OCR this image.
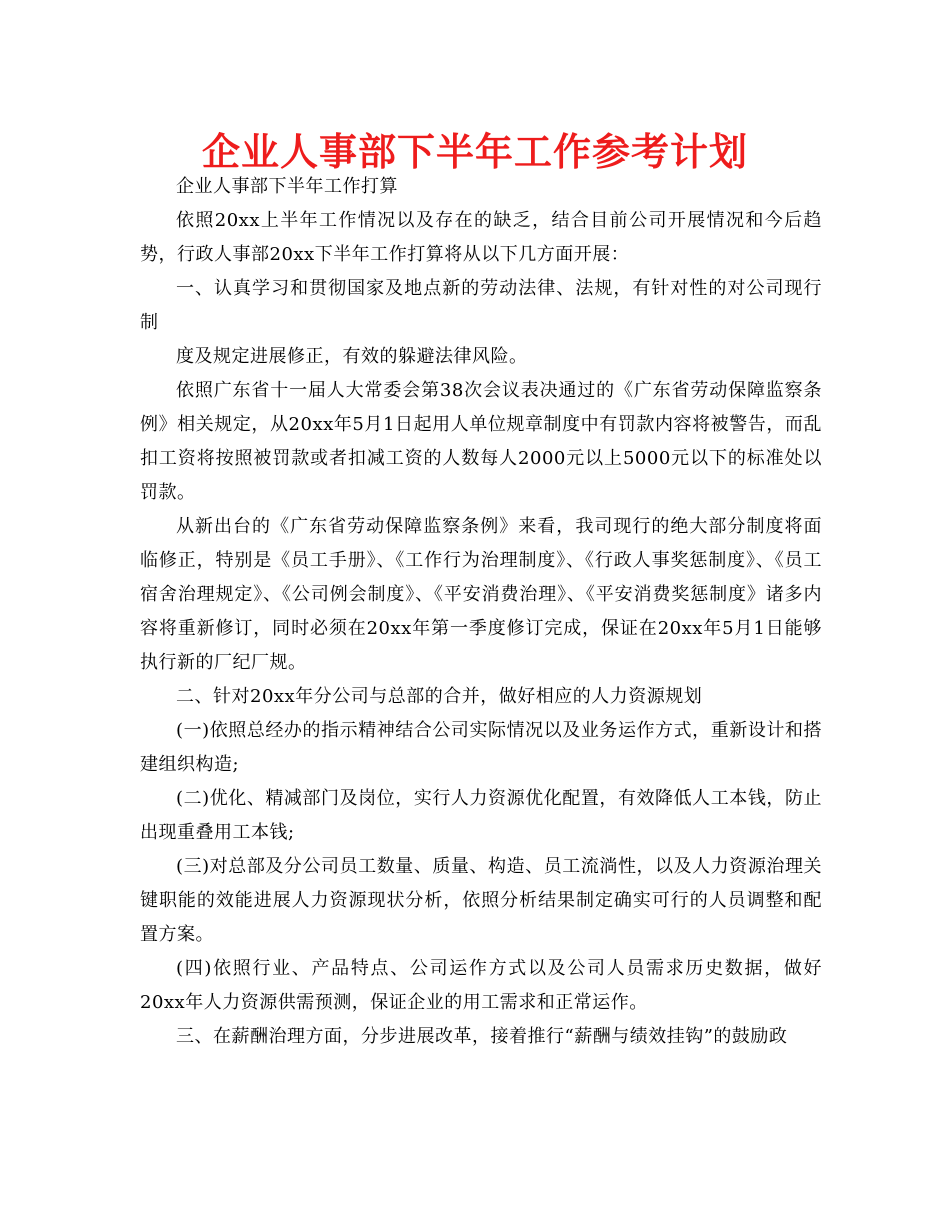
企业人事部下半年工作参考计划

企业人事部下半年工作打算

依照20xx上半年工作情况以及存在的缺乏，结合目前公司开展情况和今后趋势，行政人事部20xx下半年工作打算将从以下几方面开展：

一、认真学习和贯彻国家及地点新的劳动法律、法规，有针对性的对公司现行制

度及规定进展修正，有效的躲避法律风险。

依照广东省十一届人大常委会第38次会议表决通过的《广东省劳动保障监察条例》相关规定，从20xx年5月1日起用人单位规章制度中有罚款内容将被警告，而乱扣工资将按照被罚款或者扣减工资的人数每人2000元以上5000元以下的标准处以罚款。

从新出台的《广东省劳动保障监察条例》来看，我司现行的绝大部分制度将面临修正，特别是《员工手册》、《工作行为治理制度》、《行政人事奖惩制度》、《员工宿舍治理规定》、《公司例会制度》、《平安消费治理》、《平安消费奖惩制度》诸多内容将重新修订，同时必须在20xx年第一季度修订完成，保证在20xx年5月1日能够执行新的厂纪厂规。

二、针对20xx年分公司与总部的合并，做好相应的人力资源规划

(一)依照总经办的指示精神结合公司实际情况以及业务运作方式，重新设计和搭建组织构造;

(二)优化、精减部门及岗位，实行人力资源优化配置，有效降低人工本钱，防止出现重叠用工本钱;

(三)对总部及分公司员工数量、质量、构造、员工流淌性，以及人力资源治理关键职能的效能进展人力资源现状分析，依照分析结果制定确实可行的人员调整和配置方案。

(四)依照行业、产品特点、公司运作方式以及公司人员需求历史数据，做好20xx年人力资源供需预测，保证企业的用工需求和正常运作。

三、在薪酬治理方面，分步进展改革，接着推行“薪酬与绩效挂钩”的鼓励政
